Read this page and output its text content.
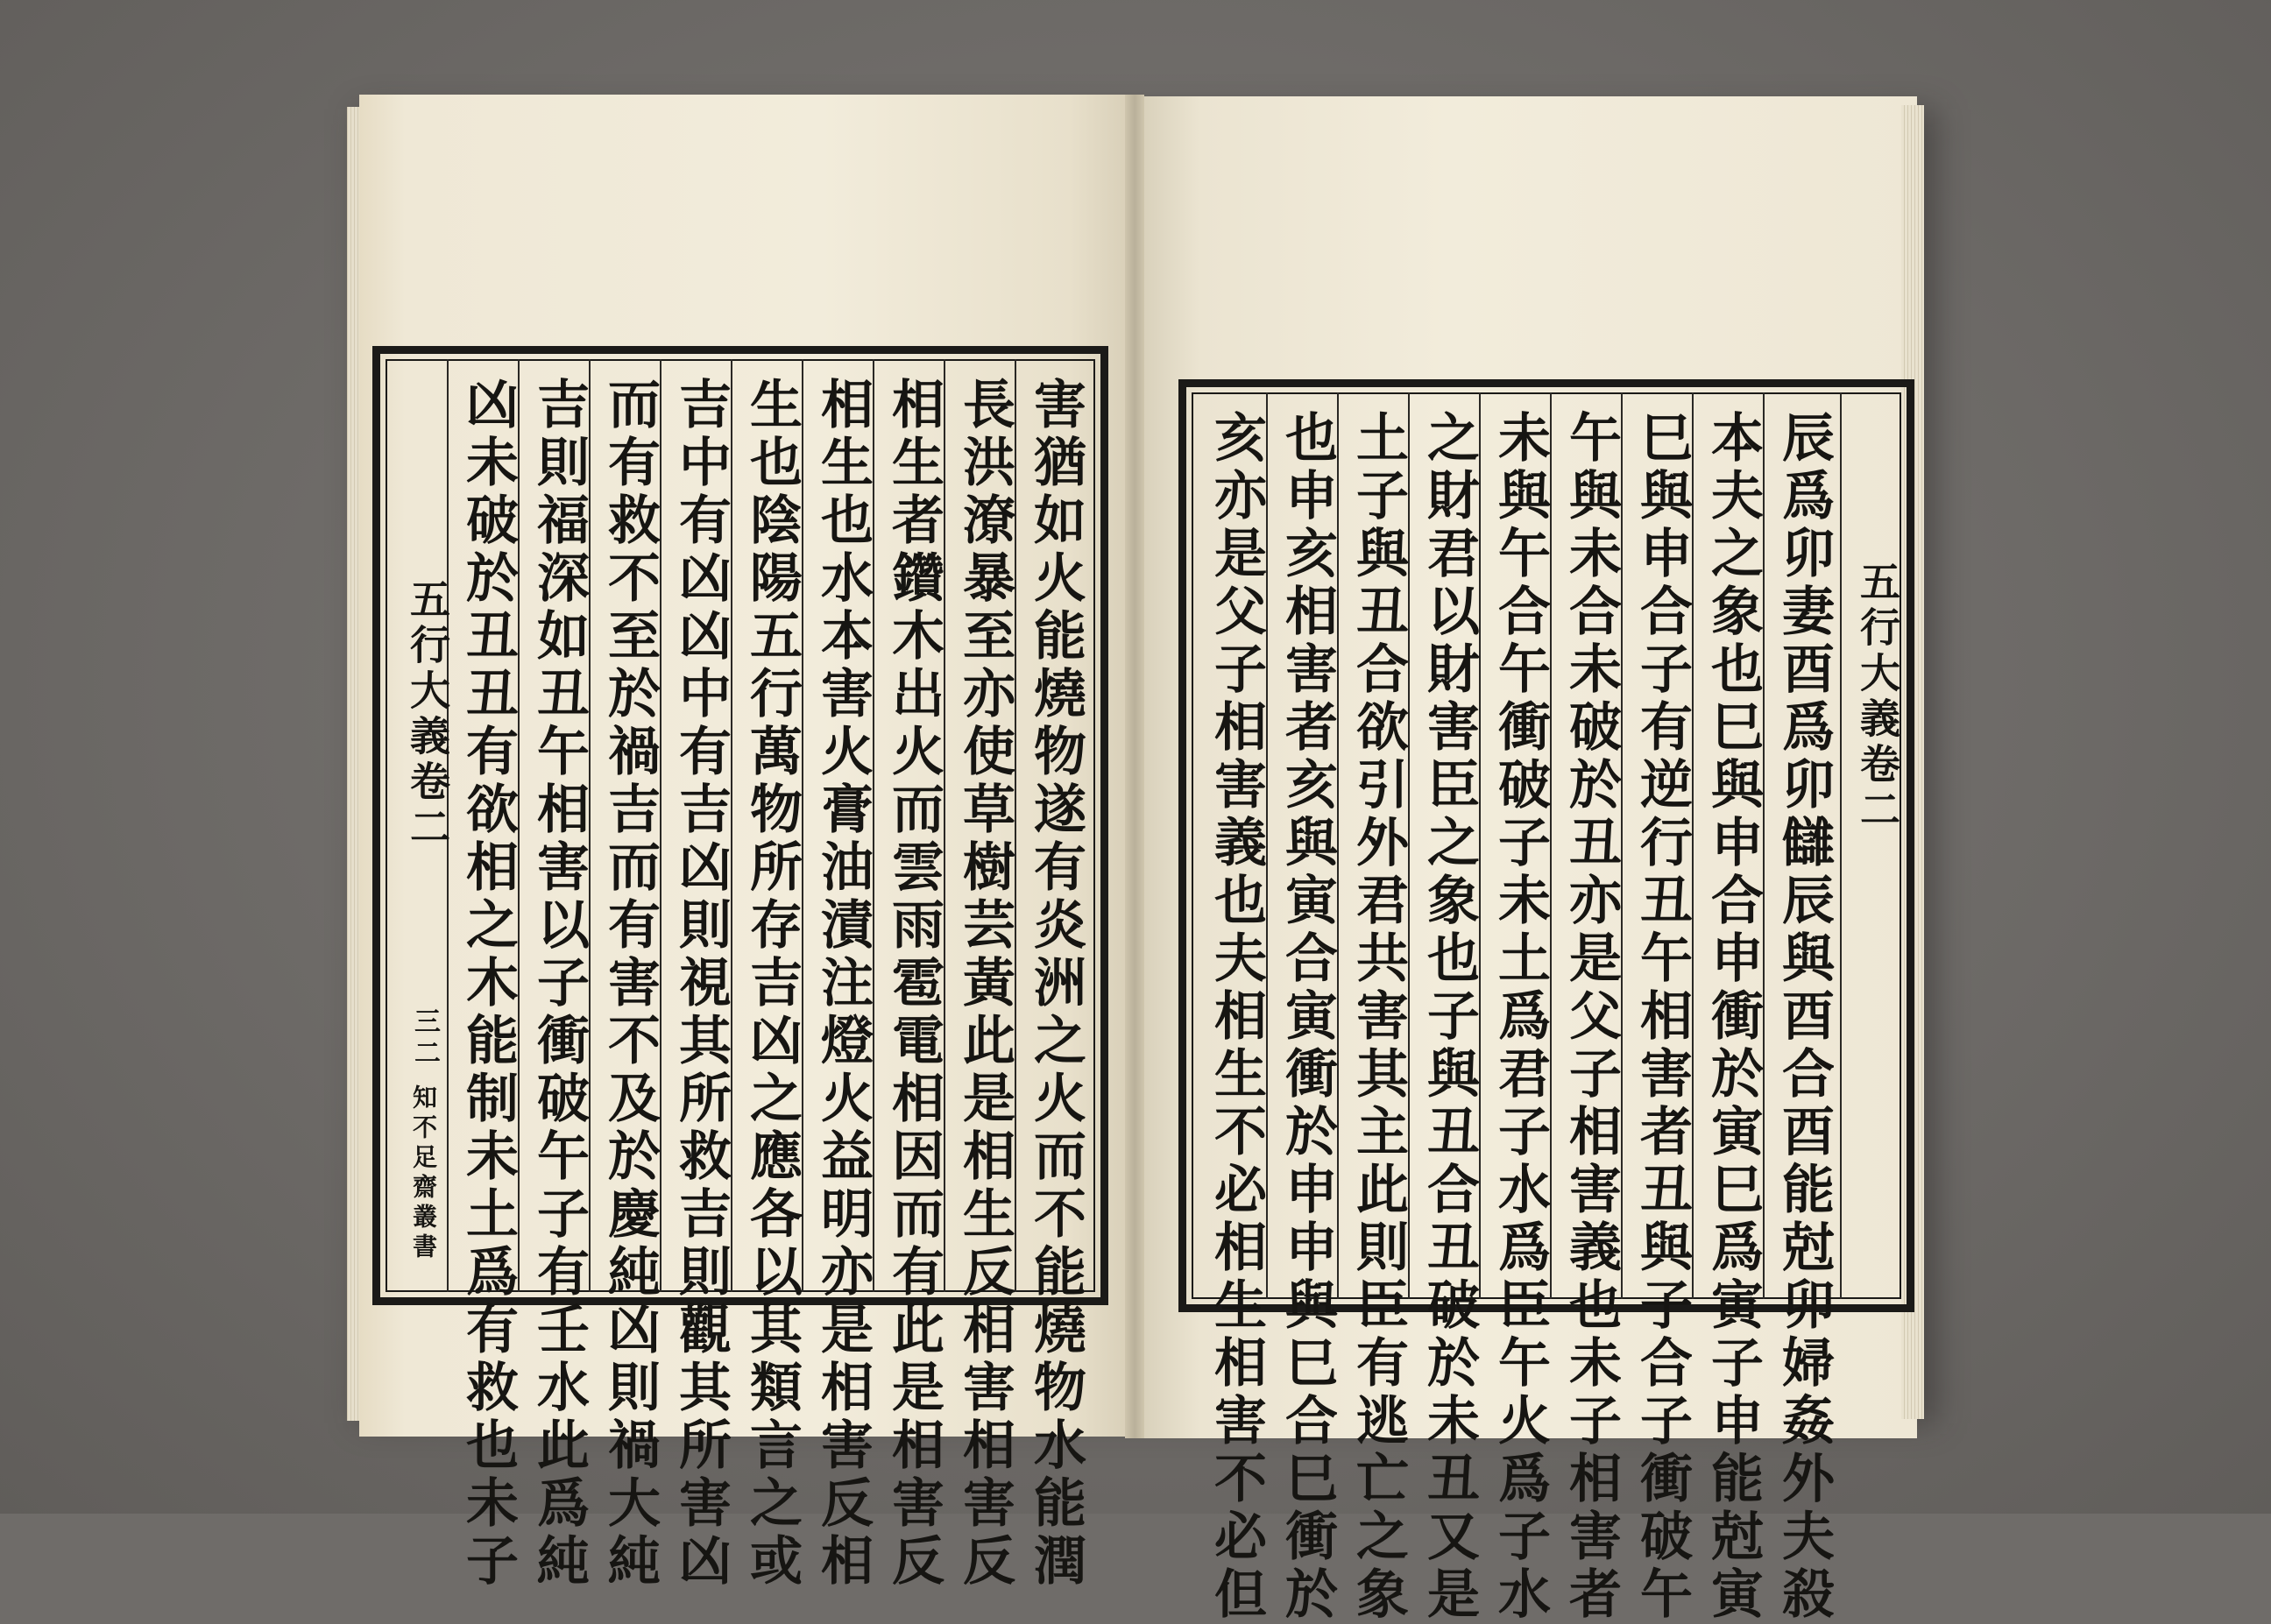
五行大義卷二
三二
知不足齋叢書	害猶如火能燒物遂有炎洲之火而不能燒物水能潤
長洪潦暴至亦使草樹芸黃此是相生反相害相害反
相生者鑽木出火而雲雨雹電相因而有此是相害反
相生也水本害火膏油漬注燈火益明亦是相害反相
生也陰陽五行萬物所存吉凶之應各以其類言之或
吉中有凶凶中有吉凶則視其所救吉則觀其所害凶
而有救不至於禍吉而有害不及於慶純凶則禍大純
吉則福深如丑午相害以子衝破午子有壬水此爲純
凶未破於丑丑有欲相之木能制未土爲有救也未子	五行大義卷二
辰爲卯妻酉爲卯讎辰與酉合酉能尅卯婦姦外夫殺
本夫之象也巳與申合申衝於寅巳爲寅子申能尅寅
巳與申合子有逆行丑午相害者丑與子合子衝破午
午與未合未破於丑亦是父子相害義也未子相害者
未與午合午衝破子未土爲君子水爲臣午火爲子水
之財君以財害臣之象也子與丑合丑破於未丑又是
土子與丑合欲引外君共害其主此則臣有逃亡之象
也申亥相害者亥與寅合寅衝於申申與巳合巳衝於
亥亦是父子相害義也夫相生不必相生相害不必但
